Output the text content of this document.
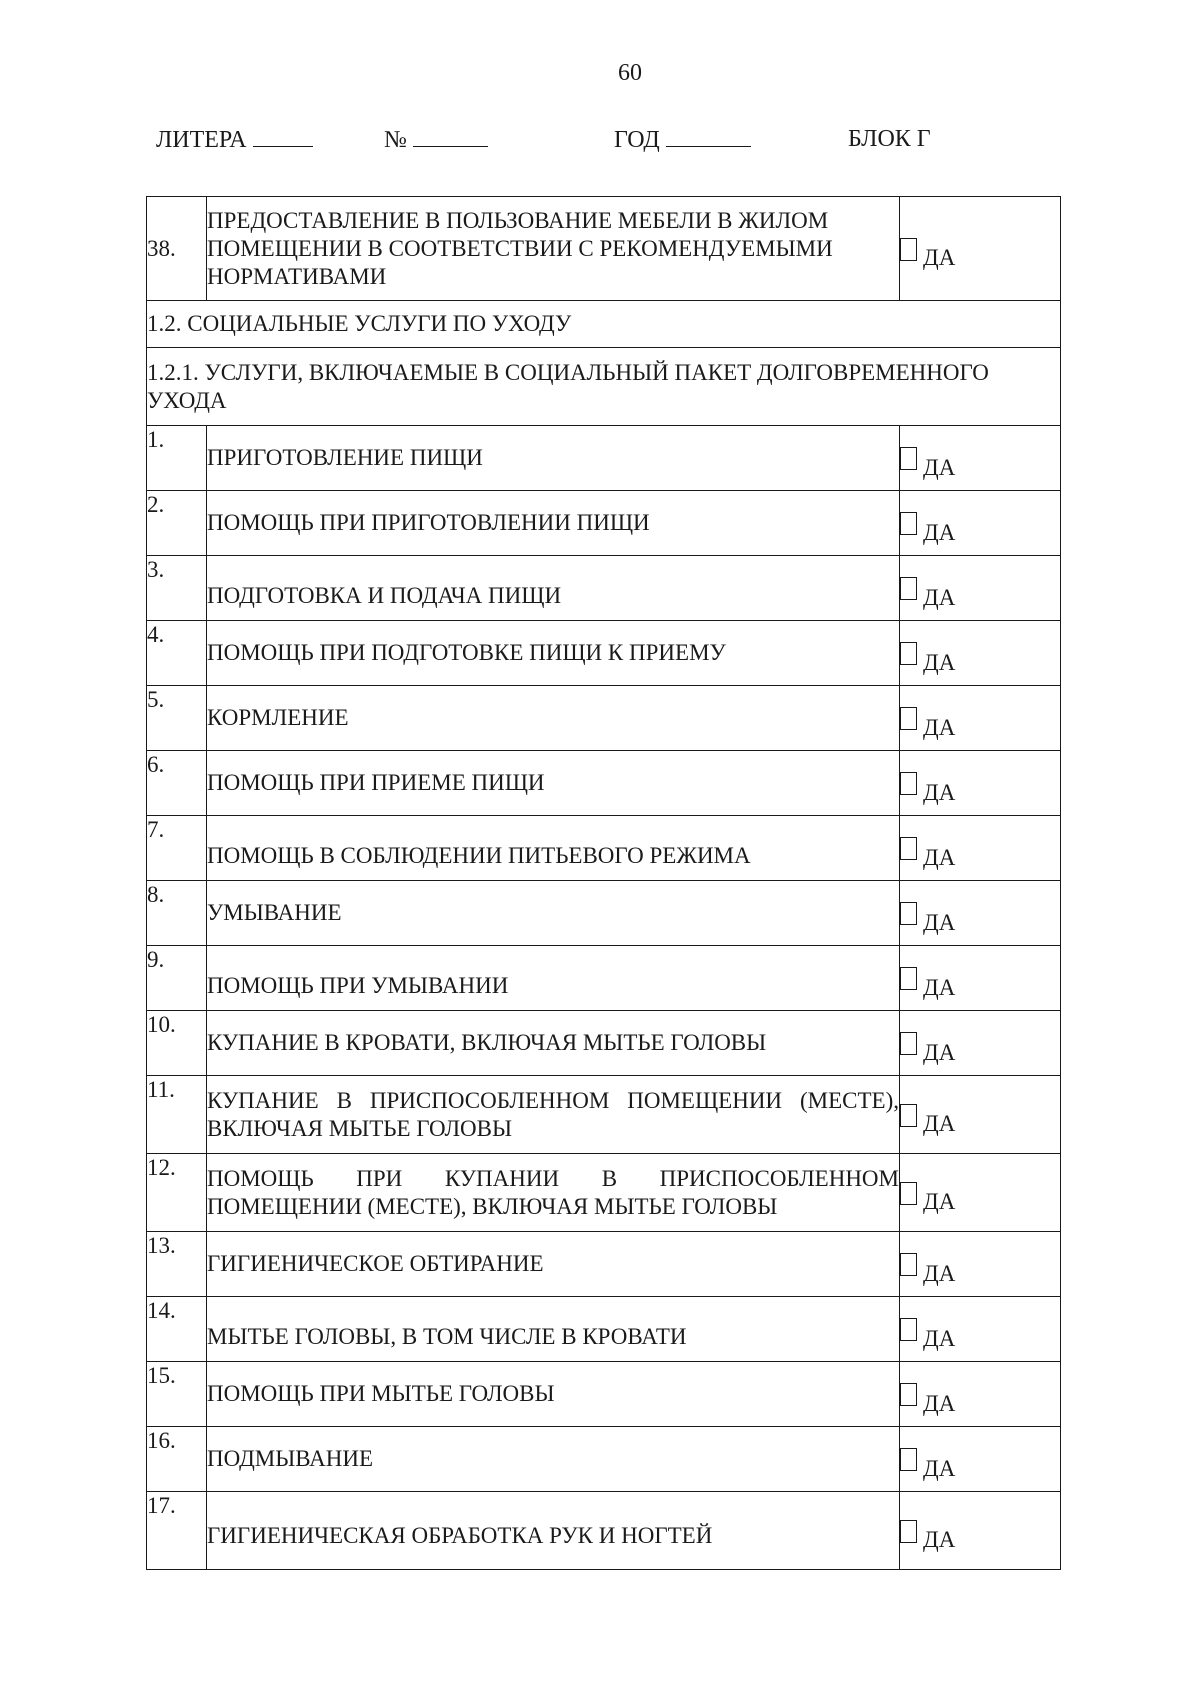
60
ЛИТЕРА	№	ГОД	БЛОК Г
38.	ПРЕДОСТАВЛЕНИЕ В ПОЛЬЗОВАНИЕ МЕБЕЛИ В ЖИЛОМ
ПОМЕЩЕНИИ В СООТВЕТСТВИИ С РЕКОМЕНДУЕМЫМИ
НОРМАТИВАМИ	ДА
1.2. СОЦИАЛЬНЫЕ УСЛУГИ ПО УХОДУ		
1.2.1. УСЛУГИ, ВКЛЮЧАЕМЫЕ В СОЦИАЛЬНЫЙ ПАКЕТ ДОЛГОВРЕМЕННОГО УХОДА		
1.	ПРИГОТОВЛЕНИЕ ПИЩИ	ДА
2.	ПОМОЩЬ ПРИ ПРИГОТОВЛЕНИИ ПИЩИ	ДА
3.	ПОДГОТОВКА И ПОДАЧА ПИЩИ	ДА
4.	ПОМОЩЬ ПРИ ПОДГОТОВКЕ ПИЩИ К ПРИЕМУ	ДА
5.	КОРМЛЕНИЕ	ДА
6.	ПОМОЩЬ ПРИ ПРИЕМЕ ПИЩИ	ДА
7.	ПОМОЩЬ В СОБЛЮДЕНИИ ПИТЬЕВОГО РЕЖИМА	ДА
8.	УМЫВАНИЕ	ДА
9.	ПОМОЩЬ ПРИ УМЫВАНИИ	ДА
10.	КУПАНИЕ В КРОВАТИ, ВКЛЮЧАЯ МЫТЬЕ ГОЛОВЫ	ДА
11.	КУПАНИЕ В ПРИСПОСОБЛЕННОМ ПОМЕЩЕНИИ (МЕСТЕ), ВКЛЮЧАЯ МЫТЬЕ ГОЛОВЫ	ДА
12.	ПОМОЩЬ ПРИ КУПАНИИ В ПРИСПОСОБЛЕННОМ ПОМЕЩЕНИИ (МЕСТЕ), ВКЛЮЧАЯ МЫТЬЕ ГОЛОВЫ	ДА
13.	ГИГИЕНИЧЕСКОЕ ОБТИРАНИЕ	ДА
14.	МЫТЬЕ ГОЛОВЫ, В ТОМ ЧИСЛЕ В КРОВАТИ	ДА
15.	ПОМОЩЬ ПРИ МЫТЬЕ ГОЛОВЫ	ДА
16.	ПОДМЫВАНИЕ	ДА
17.	ГИГИЕНИЧЕСКАЯ ОБРАБОТКА РУК И НОГТЕЙ	ДА
